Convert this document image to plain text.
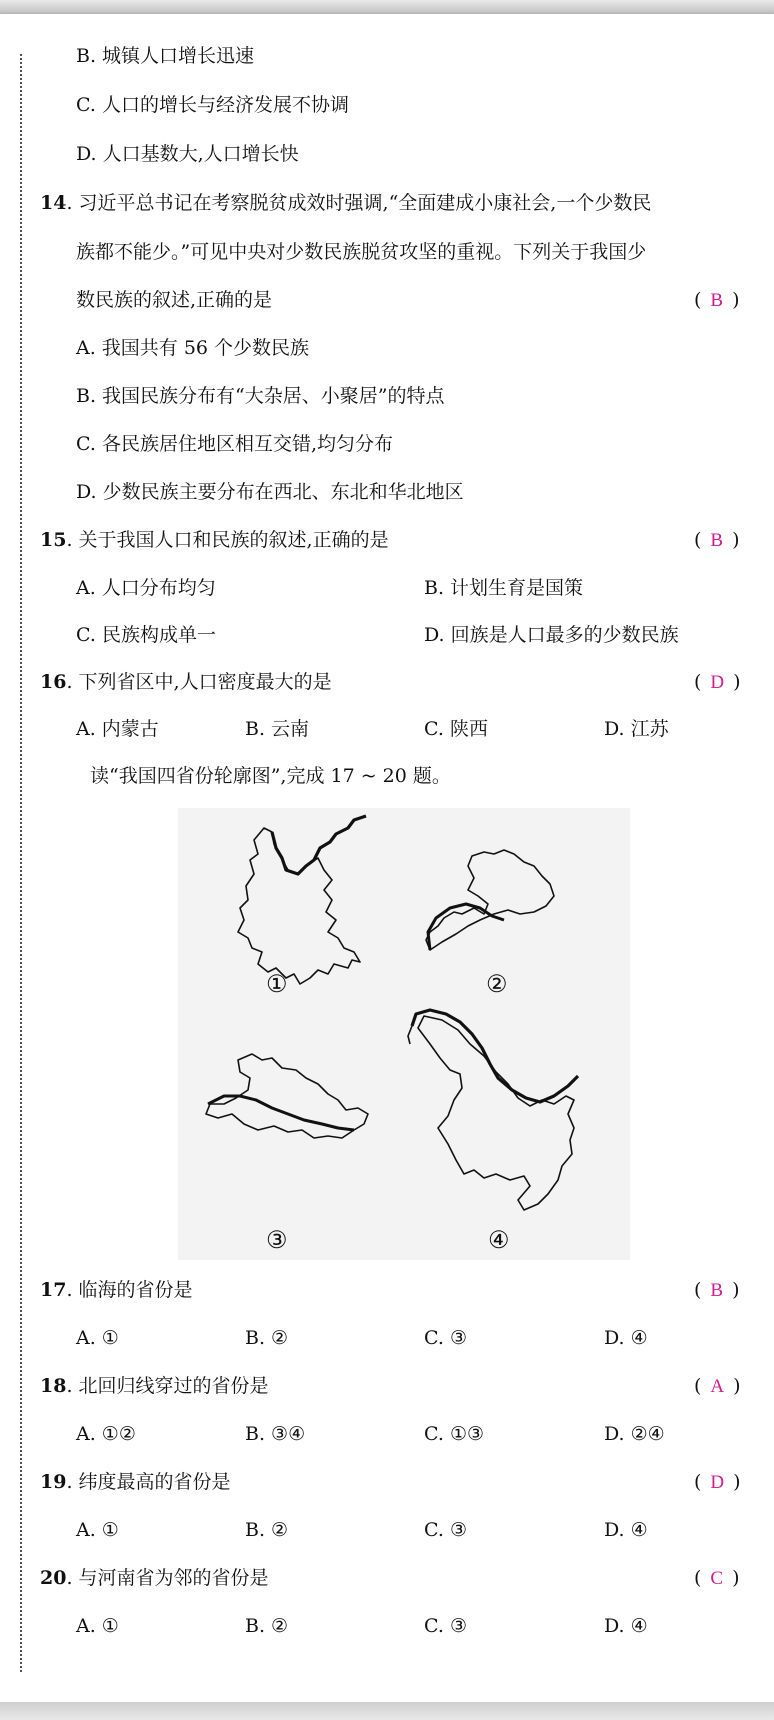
B. 城镇人口增长迅速
C. 人口的增长与经济发展不协调
D. 人口基数大,人口增长快
14. 习近平总书记在考察脱贫成效时强调,“全面建成小康社会,一个少数民
族都不能少。”可见中央对少数民族脱贫攻坚的重视。下列关于我国少
数民族的叙述,正确的是	( B )
A. 我国共有 56 个少数民族
B. 我国民族分布有“大杂居、小聚居”的特点
C. 各民族居住地区相互交错,均匀分布
D. 少数民族主要分布在西北、东北和华北地区
15. 关于我国人口和民族的叙述,正确的是	( B )
A. 人口分布均匀	B. 计划生育是国策
C. 民族构成单一	D. 回族是人口最多的少数民族
16. 下列省区中,人口密度最大的是	( D )
A. 内蒙古	B. 云南	C. 陕西	D. 江苏
读“我国四省份轮廓图”,完成 17 ~ 20 题。
①	②
③	④
17. 临海的省份是	( B )
A. ①	B. ②	C. ③	D. ④
18. 北回归线穿过的省份是	( A )
A. ①②	B. ③④	C. ①③	D. ②④
19. 纬度最高的省份是	( D )
A. ①	B. ②	C. ③	D. ④
20. 与河南省为邻的省份是	( C )
A. ①	B. ②	C. ③	D. ④
